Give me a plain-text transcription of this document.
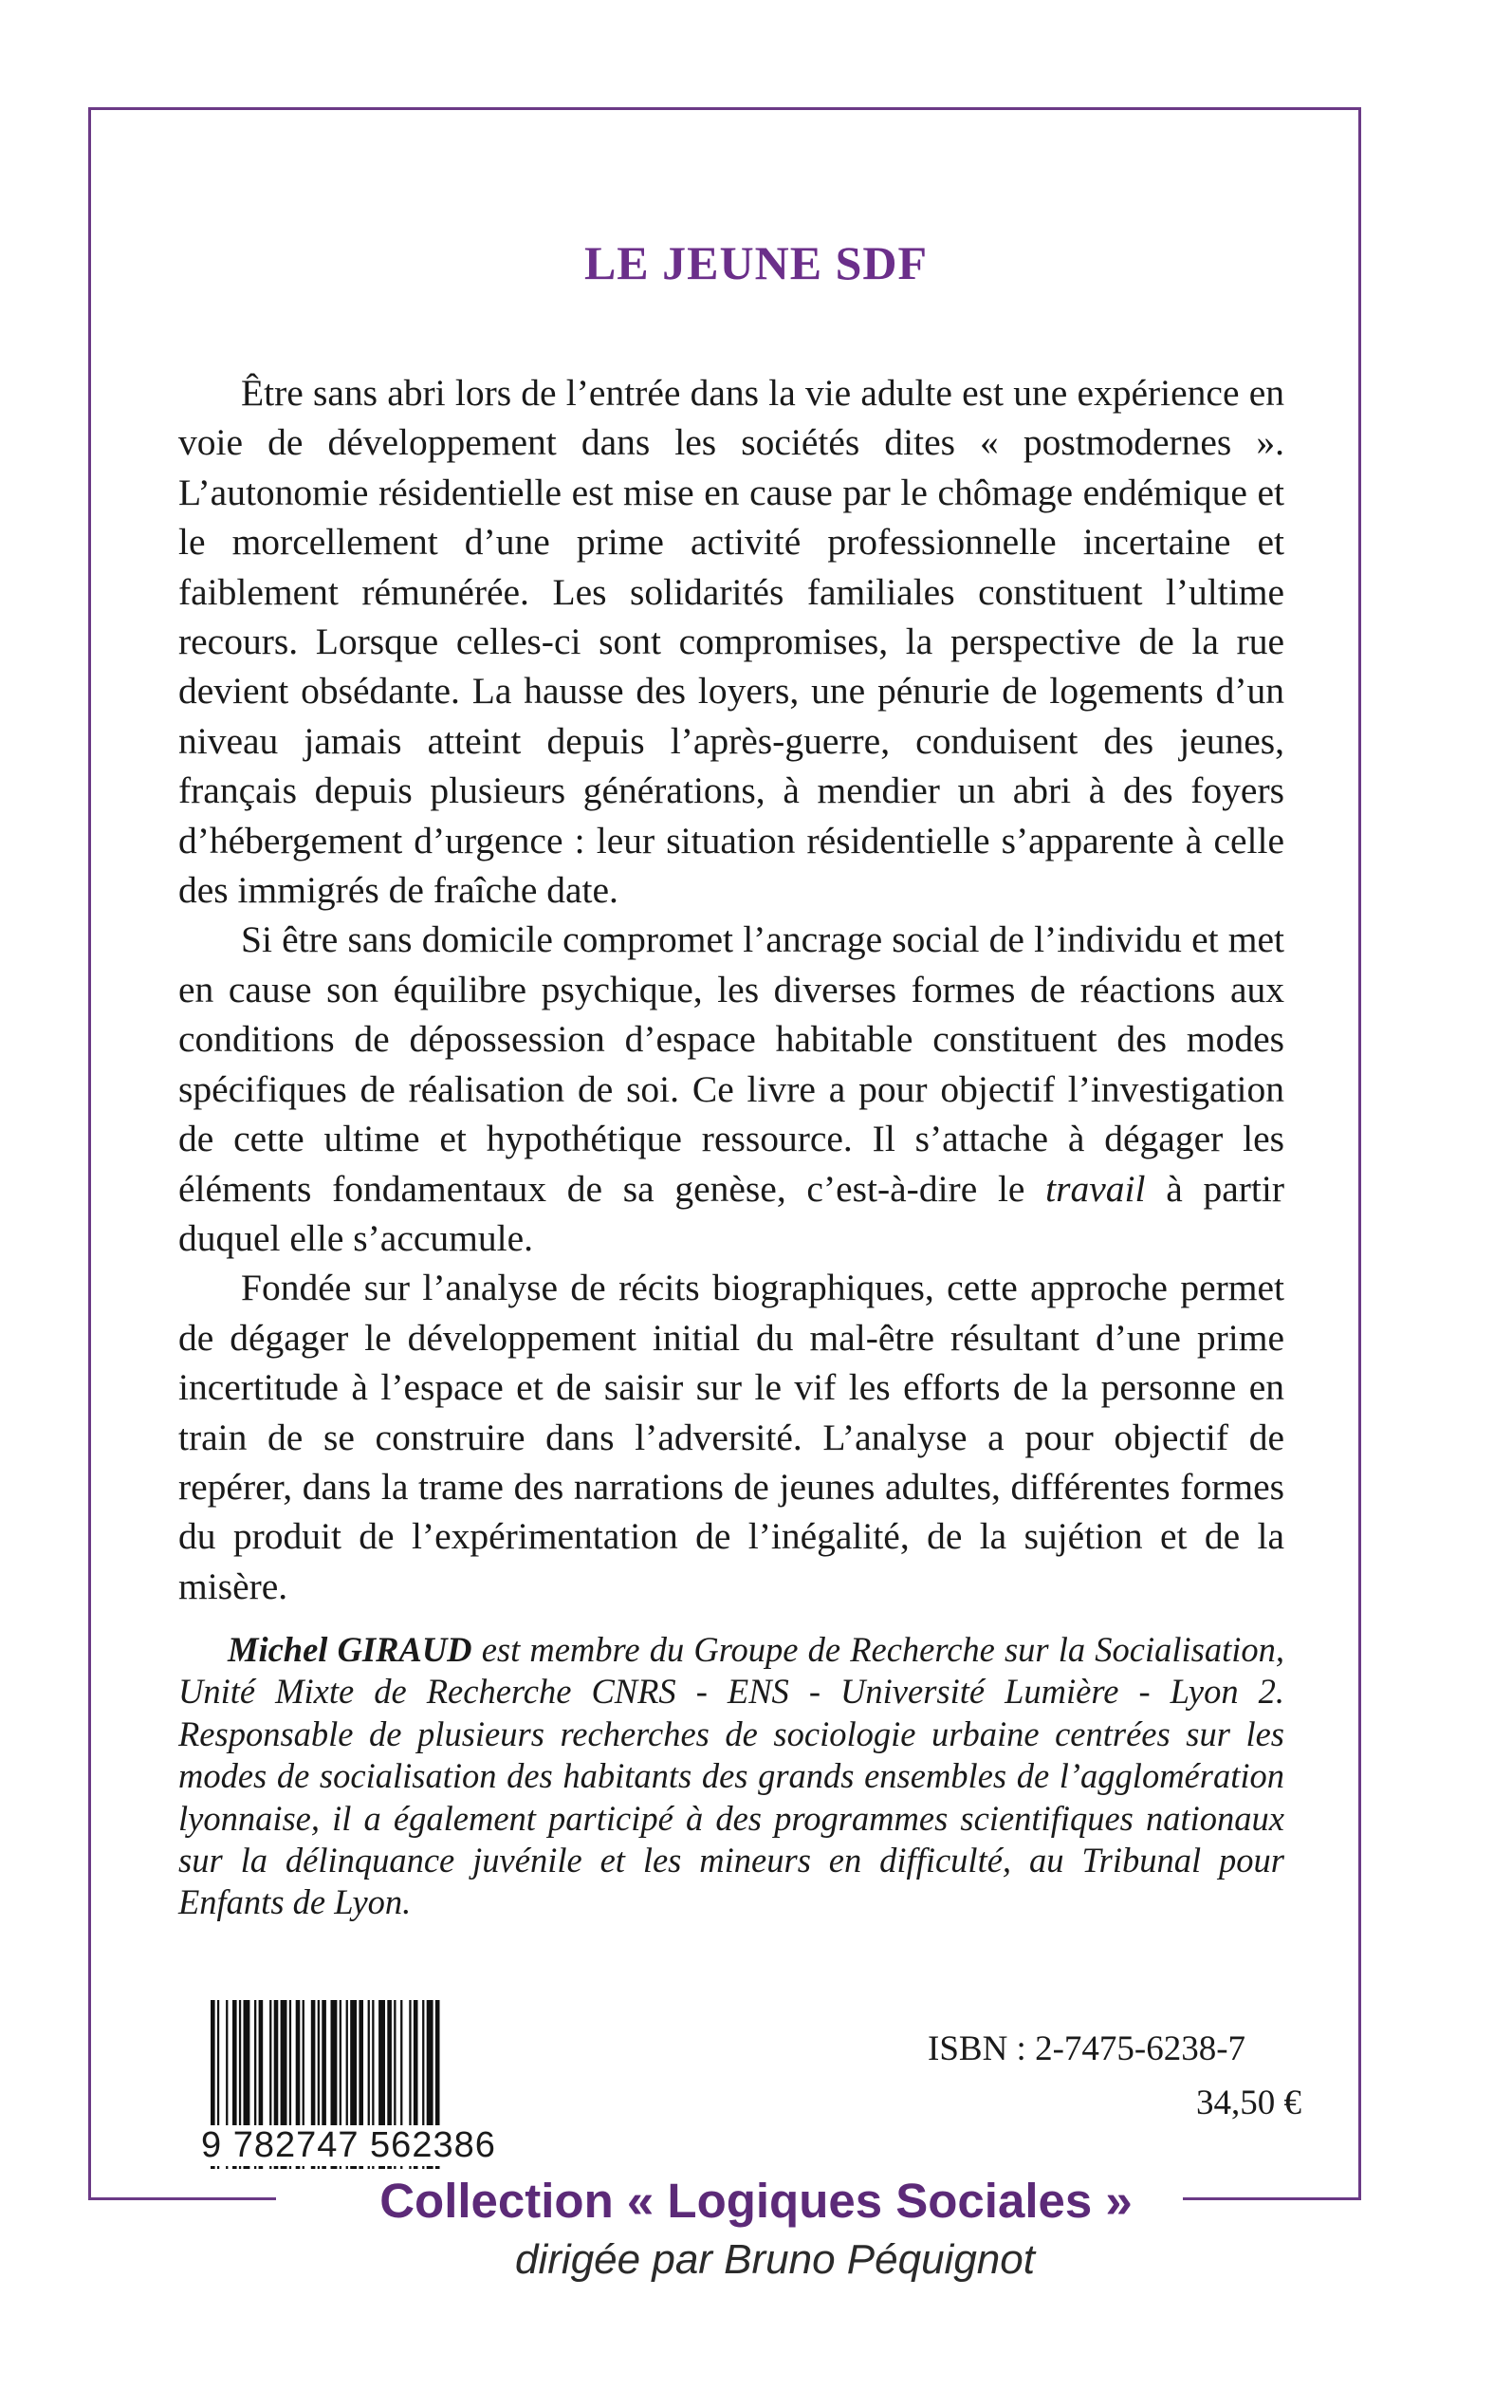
LE JEUNE SDF

Être sans abri lors de l’entrée dans la vie adulte est une expérience en voie de développement dans les sociétés dites « postmodernes ». L’autonomie résidentielle est mise en cause par le chômage endémique et le morcellement d’une prime activité professionnelle incertaine et faiblement rémunérée. Les solidarités familiales constituent l’ultime recours. Lorsque celles-ci sont compromises, la perspective de la rue devient obsédante. La hausse des loyers, une pénurie de logements d’un niveau jamais atteint depuis l’après-guerre, conduisent des jeunes, français depuis plusieurs générations, à mendier un abri à des foyers d’hébergement d’urgence : leur situation résidentielle s’apparente à celle des immigrés de fraîche date.

Si être sans domicile compromet l’ancrage social de l’individu et met en cause son équilibre psychique, les diverses formes de réactions aux conditions de dépossession d’espace habitable constituent des modes spécifiques de réalisation de soi. Ce livre a pour objectif l’investigation de cette ultime et hypothétique ressource. Il s’attache à dégager les éléments fondamentaux de sa genèse, c’est-à-dire le travail à partir duquel elle s’accumule.

Fondée sur l’analyse de récits biographiques, cette approche permet de dégager le développement initial du mal-être résultant d’une prime incertitude à l’espace et de saisir sur le vif les efforts de la personne en train de se construire dans l’adversité. L’analyse a pour objectif de repérer, dans la trame des narrations de jeunes adultes, différentes formes du produit de l’expérimentation de l’inégalité, de la sujétion et de la misère.

Michel GIRAUD est membre du Groupe de Recherche sur la Socialisation, Unité Mixte de Recherche CNRS - ENS - Université Lumière - Lyon 2. Responsable de plusieurs recherches de sociologie urbaine centrées sur les modes de socialisation des habitants des grands ensembles de l’agglomération lyonnaise, il a également participé à des programmes scientifiques nationaux sur la délinquance juvénile et les mineurs en difficulté, au Tribunal pour Enfants de Lyon.

9 782747 562386
ISBN : 2-7475-6238-7
34,50 €
Collection « Logiques Sociales »
dirigée par Bruno Péquignot
